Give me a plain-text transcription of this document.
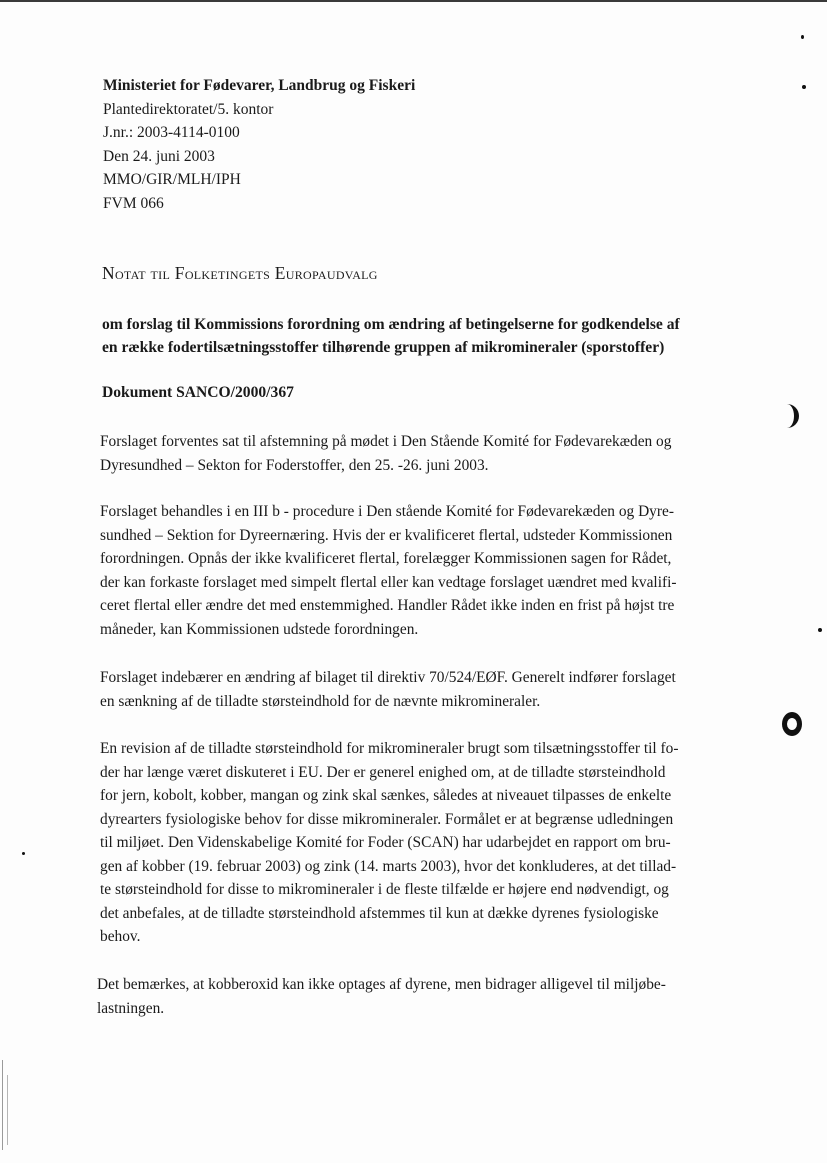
Ministeriet for Fødevarer, Landbrug og Fiskeri
Plantedirektoratet/5. kontor
J.nr.: 2003-4114-0100
Den 24. juni 2003
MMO/GIR/MLH/IPH
FVM 066
Notat til Folketingets Europaudvalg
om forslag til Kommissions forordning om ændring af betingelserne for godkendelse af
en række fodertilsætningsstoffer tilhørende gruppen af mikromineraler (sporstoffer)
Dokument SANCO/2000/367
Forslaget forventes sat til afstemning på mødet i Den Stående Komité for Fødevarekæden og
Dyresundhed – Sekton for Foderstoffer, den 25. -26. juni 2003.
Forslaget behandles i en III b - procedure i Den stående Komité for Fødevarekæden og Dyre-
sundhed – Sektion for Dyreernæring. Hvis der er kvalificeret flertal, udsteder Kommissionen
forordningen. Opnås der ikke kvalificeret flertal, forelægger Kommissionen sagen for Rådet,
der kan forkaste forslaget med simpelt flertal eller kan vedtage forslaget uændret med kvalifi-
ceret flertal eller ændre det med enstemmighed. Handler Rådet ikke inden en frist på højst tre
måneder, kan Kommissionen udstede forordningen.
Forslaget indebærer en ændring af bilaget til direktiv 70/524/EØF. Generelt indfører forslaget
en sænkning af de tilladte størsteindhold for de nævnte mikromineraler.
En revision af de tilladte størsteindhold for mikromineraler brugt som tilsætningsstoffer til fo-
der har længe været diskuteret i EU. Der er generel enighed om, at de tilladte størsteindhold
for jern, kobolt, kobber, mangan og zink skal sænkes, således at niveauet tilpasses de enkelte
dyrearters fysiologiske behov for disse mikromineraler. Formålet er at begrænse udledningen
til miljøet. Den Videnskabelige Komité for Foder (SCAN) har udarbejdet en rapport om bru-
gen af kobber (19. februar 2003) og zink (14. marts 2003), hvor det konkluderes, at det tillad-
te størsteindhold for disse to mikromineraler i de fleste tilfælde er højere end nødvendigt, og
det anbefales, at de tilladte størsteindhold afstemmes til kun at dække dyrenes fysiologiske
behov.
Det bemærkes, at kobberoxid kan ikke optages af dyrene, men bidrager alligevel til miljøbe-
lastningen.
